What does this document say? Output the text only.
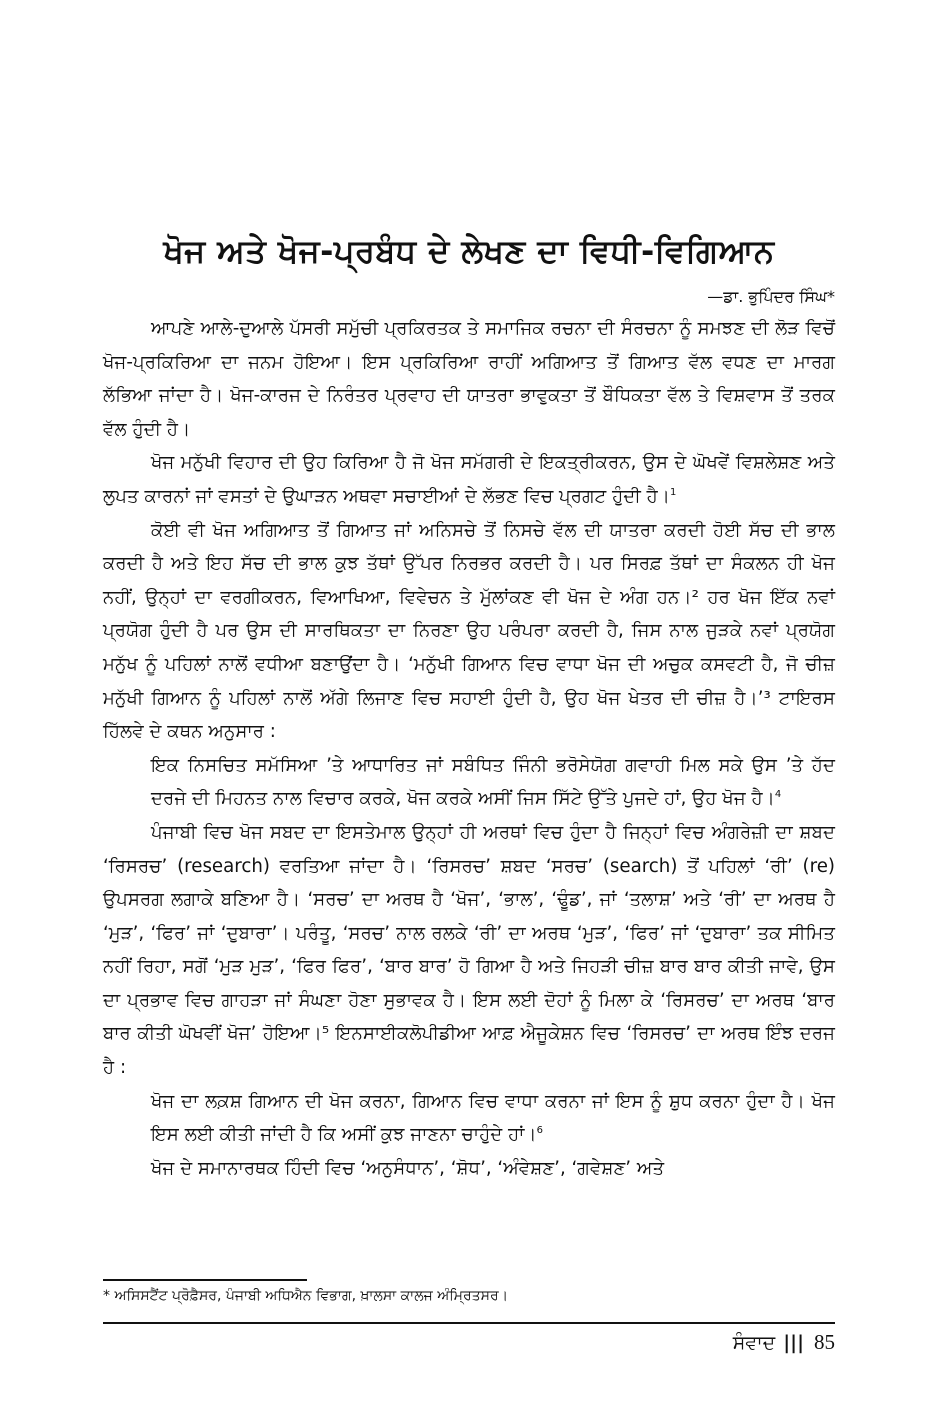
ਖੋਜ ਅਤੇ ਖੋਜ-ਪ੍ਰਬੰਧ ਦੇ ਲੇਖਣ ਦਾ ਵਿਧੀ-ਵਿਗਿਆਨ

—ਡਾ. ਭੁਪਿੰਦਰ ਸਿੰਘ*

ਆਪਣੇ ਆਲੇ-ਦੁਆਲੇ ਪੱਸਰੀ ਸਮੁੱਚੀ ਪ੍ਰਕਿਰਤਕ ਤੇ ਸਮਾਜਿਕ ਰਚਨਾ ਦੀ ਸੰਰਚਨਾ ਨੂੰ ਸਮਝਣ ਦੀ ਲੋੜ ਵਿਚੋਂ ਖੋਜ-ਪ੍ਰਕਿਰਿਆ ਦਾ ਜਨਮ ਹੋਇਆ। ਇਸ ਪ੍ਰਕਿਰਿਆ ਰਾਹੀਂ ਅਗਿਆਤ ਤੋਂ ਗਿਆਤ ਵੱਲ ਵਧਣ ਦਾ ਮਾਰਗ ਲੱਭਿਆ ਜਾਂਦਾ ਹੈ। ਖੋਜ-ਕਾਰਜ ਦੇ ਨਿਰੰਤਰ ਪ੍ਰਵਾਹ ਦੀ ਯਾਤਰਾ ਭਾਵੁਕਤਾ ਤੋਂ ਬੌਧਿਕਤਾ ਵੱਲ ਤੇ ਵਿਸ਼ਵਾਸ ਤੋਂ ਤਰਕ ਵੱਲ ਹੁੰਦੀ ਹੈ।

ਖੋਜ ਮਨੁੱਖੀ ਵਿਹਾਰ ਦੀ ਉਹ ਕਿਰਿਆ ਹੈ ਜੋ ਖੋਜ ਸਮੱਗਰੀ ਦੇ ਇਕਤ੍ਰੀਕਰਨ, ਉਸ ਦੇ ਘੋਖਵੇਂ ਵਿਸ਼ਲੇਸ਼ਣ ਅਤੇ ਲੁਪਤ ਕਾਰਨਾਂ ਜਾਂ ਵਸਤਾਂ ਦੇ ਉਘਾੜਨ ਅਥਵਾ ਸਚਾਈਆਂ ਦੇ ਲੱਭਣ ਵਿਚ ਪ੍ਰਗਟ ਹੁੰਦੀ ਹੈ।$^1$

ਕੋਈ ਵੀ ਖੋਜ ਅਗਿਆਤ ਤੋਂ ਗਿਆਤ ਜਾਂ ਅਨਿਸਚੇ ਤੋਂ ਨਿਸਚੇ ਵੱਲ ਦੀ ਯਾਤਰਾ ਕਰਦੀ ਹੋਈ ਸੱਚ ਦੀ ਭਾਲ ਕਰਦੀ ਹੈ ਅਤੇ ਇਹ ਸੱਚ ਦੀ ਭਾਲ ਕੁਝ ਤੱਥਾਂ ਉੱਪਰ ਨਿਰਭਰ ਕਰਦੀ ਹੈ। ਪਰ ਸਿਰਫ਼ ਤੱਥਾਂ ਦਾ ਸੰਕਲਨ ਹੀ ਖੋਜ ਨਹੀਂ, ਉਨ੍ਹਾਂ ਦਾ ਵਰਗੀਕਰਨ, ਵਿਆਖਿਆ, ਵਿਵੇਚਨ ਤੇ ਮੁੱਲਾਂਕਣ ਵੀ ਖੋਜ ਦੇ ਅੰਗ ਹਨ।² ਹਰ ਖੋਜ ਇੱਕ ਨਵਾਂ ਪ੍ਰਯੋਗ ਹੁੰਦੀ ਹੈ ਪਰ ਉਸ ਦੀ ਸਾਰਥਿਕਤਾ ਦਾ ਨਿਰਣਾ ਉਹ ਪਰੰਪਰਾ ਕਰਦੀ ਹੈ, ਜਿਸ ਨਾਲ ਜੁੜਕੇ ਨਵਾਂ ਪ੍ਰਯੋਗ ਮਨੁੱਖ ਨੂੰ ਪਹਿਲਾਂ ਨਾਲੋਂ ਵਧੀਆ ਬਣਾਉਂਦਾ ਹੈ। ‘ਮਨੁੱਖੀ ਗਿਆਨ ਵਿਚ ਵਾਧਾ ਖੋਜ ਦੀ ਅਚੁਕ ਕਸਵਟੀ ਹੈ, ਜੋ ਚੀਜ਼ ਮਨੁੱਖੀ ਗਿਆਨ ਨੂੰ ਪਹਿਲਾਂ ਨਾਲੋਂ ਅੱਗੇ ਲਿਜਾਣ ਵਿਚ ਸਹਾਈ ਹੁੰਦੀ ਹੈ, ਉਹ ਖੋਜ ਖੇਤਰ ਦੀ ਚੀਜ਼ ਹੈ।’³ ਟਾਇਰਸ ਹਿੱਲਵੇ ਦੇ ਕਥਨ ਅਨੁਸਾਰ :

ਇਕ ਨਿਸਚਿਤ ਸਮੱਸਿਆ ’ਤੇ ਆਧਾਰਿਤ ਜਾਂ ਸਬੰਧਿਤ ਜਿੰਨੀ ਭਰੋਸੇਯੋਗ ਗਵਾਹੀ ਮਿਲ ਸਕੇ ਉਸ ’ਤੇ ਹੱਦ ਦਰਜੇ ਦੀ ਮਿਹਨਤ ਨਾਲ ਵਿਚਾਰ ਕਰਕੇ, ਖੋਜ ਕਰਕੇ ਅਸੀਂ ਜਿਸ ਸਿੱਟੇ ਉੱਤੇ ਪੁਜਦੇ ਹਾਂ, ਉਹ ਖੋਜ ਹੈ।$^4$

ਪੰਜਾਬੀ ਵਿਚ ਖੋਜ ਸਬਦ ਦਾ ਇਸਤੇਮਾਲ ਉਨ੍ਹਾਂ ਹੀ ਅਰਥਾਂ ਵਿਚ ਹੁੰਦਾ ਹੈ ਜਿਨ੍ਹਾਂ ਵਿਚ ਅੰਗਰੇਜ਼ੀ ਦਾ ਸ਼ਬਦ ‘ਰਿਸਰਚ’ (research) ਵਰਤਿਆ ਜਾਂਦਾ ਹੈ। ‘ਰਿਸਰਚ’ ਸ਼ਬਦ ‘ਸਰਚ’ (search) ਤੋਂ ਪਹਿਲਾਂ ‘ਰੀ’ (re) ਉਪਸਰਗ ਲਗਾਕੇ ਬਣਿਆ ਹੈ। ‘ਸਰਚ’ ਦਾ ਅਰਥ ਹੈ ‘ਖੋਜ’, ‘ਭਾਲ’, ‘ਢੂੰਡ’, ਜਾਂ ‘ਤਲਾਸ਼’ ਅਤੇ ‘ਰੀ’ ਦਾ ਅਰਥ ਹੈ ‘ਮੁੜ’, ‘ਫਿਰ’ ਜਾਂ ‘ਦੁਬਾਰਾ’। ਪਰੰਤੂ, ‘ਸਰਚ’ ਨਾਲ ਰਲਕੇ ‘ਰੀ’ ਦਾ ਅਰਥ ‘ਮੁੜ’, ‘ਫਿਰ’ ਜਾਂ ‘ਦੁਬਾਰਾ’ ਤਕ ਸੀਮਿਤ ਨਹੀਂ ਰਿਹਾ, ਸਗੋਂ ‘ਮੁੜ ਮੁੜ’, ‘ਫਿਰ ਫਿਰ’, ‘ਬਾਰ ਬਾਰ’ ਹੋ ਗਿਆ ਹੈ ਅਤੇ ਜਿਹੜੀ ਚੀਜ਼ ਬਾਰ ਬਾਰ ਕੀਤੀ ਜਾਵੇ, ਉਸ ਦਾ ਪ੍ਰਭਾਵ ਵਿਚ ਗਾਹੜਾ ਜਾਂ ਸੰਘਣਾ ਹੋਣਾ ਸੁਭਾਵਕ ਹੈ। ਇਸ ਲਈ ਦੋਹਾਂ ਨੂੰ ਮਿਲਾ ਕੇ ‘ਰਿਸਰਚ’ ਦਾ ਅਰਥ ‘ਬਾਰ ਬਾਰ ਕੀਤੀ ਘੋਖਵੀਂ ਖੋਜ’ ਹੋਇਆ।⁵ ਇਨਸਾਈਕਲੋਪੀਡੀਆ ਆਫ਼ ਐਜੂਕੇਸ਼ਨ ਵਿਚ ‘ਰਿਸਰਚ’ ਦਾ ਅਰਥ ਇੰਝ ਦਰਜ ਹੈ :

ਖੋਜ ਦਾ ਲਕ਼ਸ਼ ਗਿਆਨ ਦੀ ਖੋਜ ਕਰਨਾ, ਗਿਆਨ ਵਿਚ ਵਾਧਾ ਕਰਨਾ ਜਾਂ ਇਸ ਨੂੰ ਸ਼ੁਧ ਕਰਨਾ ਹੁੰਦਾ ਹੈ। ਖੋਜ ਇਸ ਲਈ ਕੀਤੀ ਜਾਂਦੀ ਹੈ ਕਿ ਅਸੀਂ ਕੁਝ ਜਾਣਨਾ ਚਾਹੁੰਦੇ ਹਾਂ।$^6$

ਖੋਜ ਦੇ ਸਮਾਨਾਰਥਕ ਹਿੰਦੀ ਵਿਚ ‘ਅਨੁਸੰਧਾਨ’, ‘ਸ਼ੋਧ’, ‘ਅੰਵੇਸ਼ਣ’, ‘ਗਵੇਸ਼ਣ’ ਅਤੇ

* ਅਸਿਸਟੈਂਟ ਪ੍ਰੋਫ਼ੈਸਰ, ਪੰਜਾਬੀ ਅਧਿਐਨ ਵਿਭਾਗ, ਖ਼ਾਲਸਾ ਕਾਲਜ ਅੰਮ੍ਰਿਤਸਰ।

ਸੰਵਾਦ ||| 85
